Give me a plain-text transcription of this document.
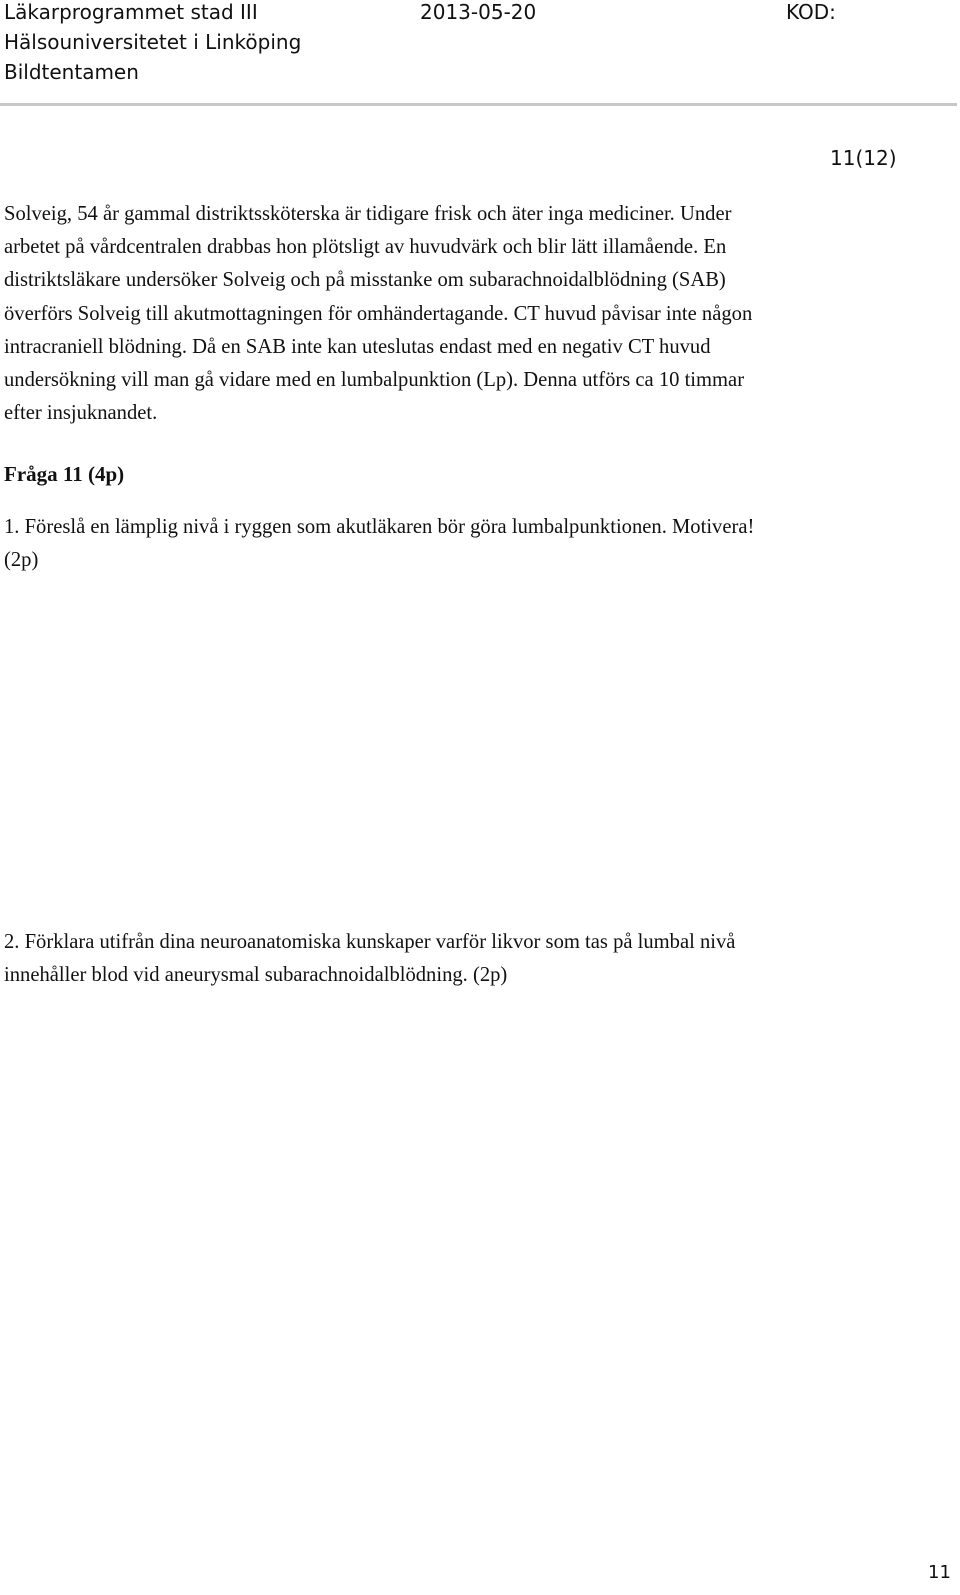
Läkarprogrammet stad III	2013-05-20	KOD:
Hälsouniversitetet i Linköping
Bildtentamen
11(12)
Solveig, 54 år gammal distriktssköterska är tidigare frisk och äter inga mediciner. Under
arbetet på vårdcentralen drabbas hon plötsligt av huvudvärk och blir lätt illamående. En
distriktsläkare undersöker Solveig och på misstanke om subarachnoidalblödning (SAB)
överförs Solveig till akutmottagningen för omhändertagande. CT huvud påvisar inte någon
intracraniell blödning. Då en SAB inte kan uteslutas endast med en negativ CT huvud
undersökning vill man gå vidare med en lumbalpunktion (Lp). Denna utförs ca 10 timmar
efter insjuknandet.
Fråga 11 (4p)
1. Föreslå en lämplig nivå i ryggen som akutläkaren bör göra lumbalpunktionen. Motivera!
(2p)
2. Förklara utifrån dina neuroanatomiska kunskaper varför likvor som tas på lumbal nivå
innehåller blod vid aneurysmal subarachnoidalblödning. (2p)
11
